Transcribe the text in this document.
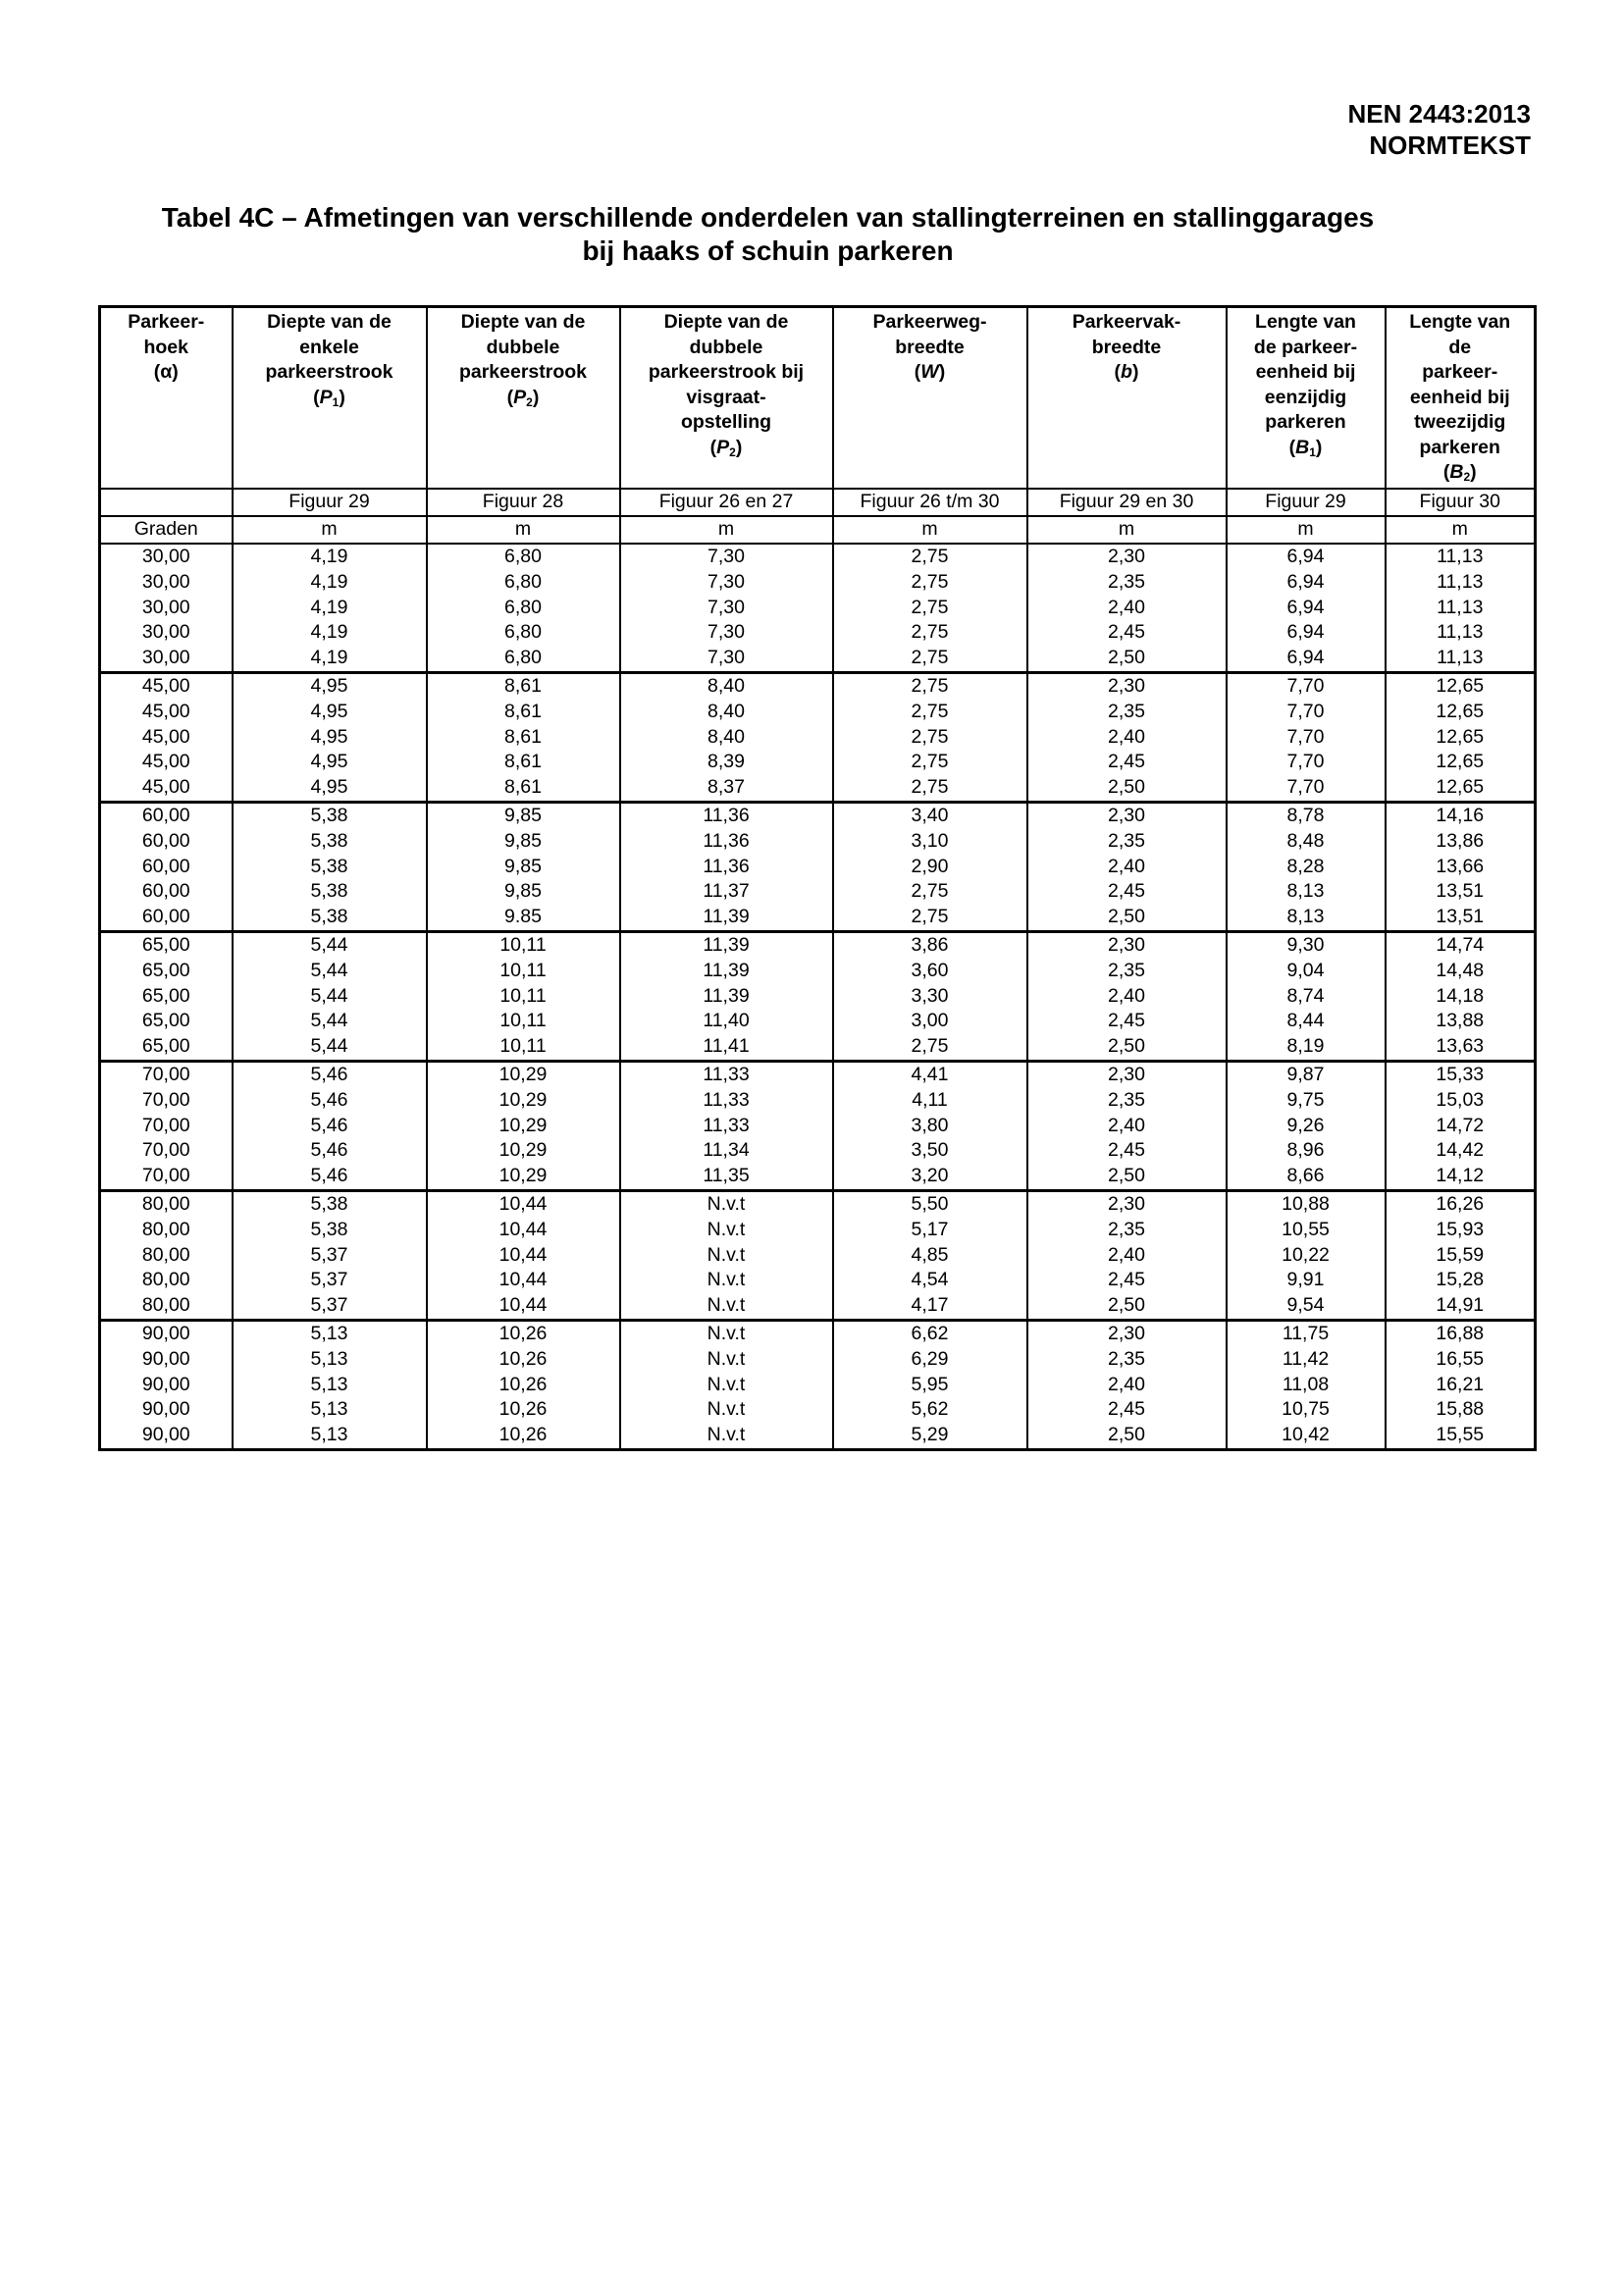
NEN 2443:2013
NORMTEKST
Tabel 4C – Afmetingen van verschillende onderdelen van stallingterreinen en stallinggarages
bij haaks of schuin parkeren
Parkeer-
hoek
(α)

Diepte van de
enkele
parkeerstrook
$(P_1)$

Diepte van de
dubbele
parkeerstrook
$(P_2)$

Diepte van de
dubbele
parkeerstrook bij
visgraat-
opstelling
$(P_2)$

Parkeerweg-
breedte
(W)

Parkeervak-
breedte
(b)

Lengte van
de parkeer-
eenheid bij
eenzijdig
parkeren
$(B_1)$

Lengte van
de
parkeer-
eenheid bij
tweezijdig
parkeren
$(B_2)$

	Figuur 29	Figuur 28	Figuur 26 en 27	Figuur 26 t/m 30	Figuur 29 en 30	Figuur 29	Figuur 30
Graden	m	m	m	m	m	m	m
30,00	4,19	6,80	7,30	2,75	2,30	6,94	11,13
30,00	4,19	6,80	7,30	2,75	2,35	6,94	11,13
30,00	4,19	6,80	7,30	2,75	2,40	6,94	11,13
30,00	4,19	6,80	7,30	2,75	2,45	6,94	11,13
30,00	4,19	6,80	7,30	2,75	2,50	6,94	11,13
45,00	4,95	8,61	8,40	2,75	2,30	7,70	12,65
45,00	4,95	8,61	8,40	2,75	2,35	7,70	12,65
45,00	4,95	8,61	8,40	2,75	2,40	7,70	12,65
45,00	4,95	8,61	8,39	2,75	2,45	7,70	12,65
45,00	4,95	8,61	8,37	2,75	2,50	7,70	12,65
60,00	5,38	9,85	11,36	3,40	2,30	8,78	14,16
60,00	5,38	9,85	11,36	3,10	2,35	8,48	13,86
60,00	5,38	9,85	11,36	2,90	2,40	8,28	13,66
60,00	5,38	9,85	11,37	2,75	2,45	8,13	13,51
60,00	5,38	9.85	11,39	2,75	2,50	8,13	13,51
65,00	5,44	10,11	11,39	3,86	2,30	9,30	14,74
65,00	5,44	10,11	11,39	3,60	2,35	9,04	14,48
65,00	5,44	10,11	11,39	3,30	2,40	8,74	14,18
65,00	5,44	10,11	11,40	3,00	2,45	8,44	13,88
65,00	5,44	10,11	11,41	2,75	2,50	8,19	13,63
70,00	5,46	10,29	11,33	4,41	2,30	9,87	15,33
70,00	5,46	10,29	11,33	4,11	2,35	9,75	15,03
70,00	5,46	10,29	11,33	3,80	2,40	9,26	14,72
70,00	5,46	10,29	11,34	3,50	2,45	8,96	14,42
70,00	5,46	10,29	11,35	3,20	2,50	8,66	14,12
80,00	5,38	10,44	N.v.t	5,50	2,30	10,88	16,26
80,00	5,38	10,44	N.v.t	5,17	2,35	10,55	15,93
80,00	5,37	10,44	N.v.t	4,85	2,40	10,22	15,59
80,00	5,37	10,44	N.v.t	4,54	2,45	9,91	15,28
80,00	5,37	10,44	N.v.t	4,17	2,50	9,54	14,91
90,00	5,13	10,26	N.v.t	6,62	2,30	11,75	16,88
90,00	5,13	10,26	N.v.t	6,29	2,35	11,42	16,55
90,00	5,13	10,26	N.v.t	5,95	2,40	11,08	16,21
90,00	5,13	10,26	N.v.t	5,62	2,45	10,75	15,88
90,00	5,13	10,26	N.v.t	5,29	2,50	10,42	15,55
